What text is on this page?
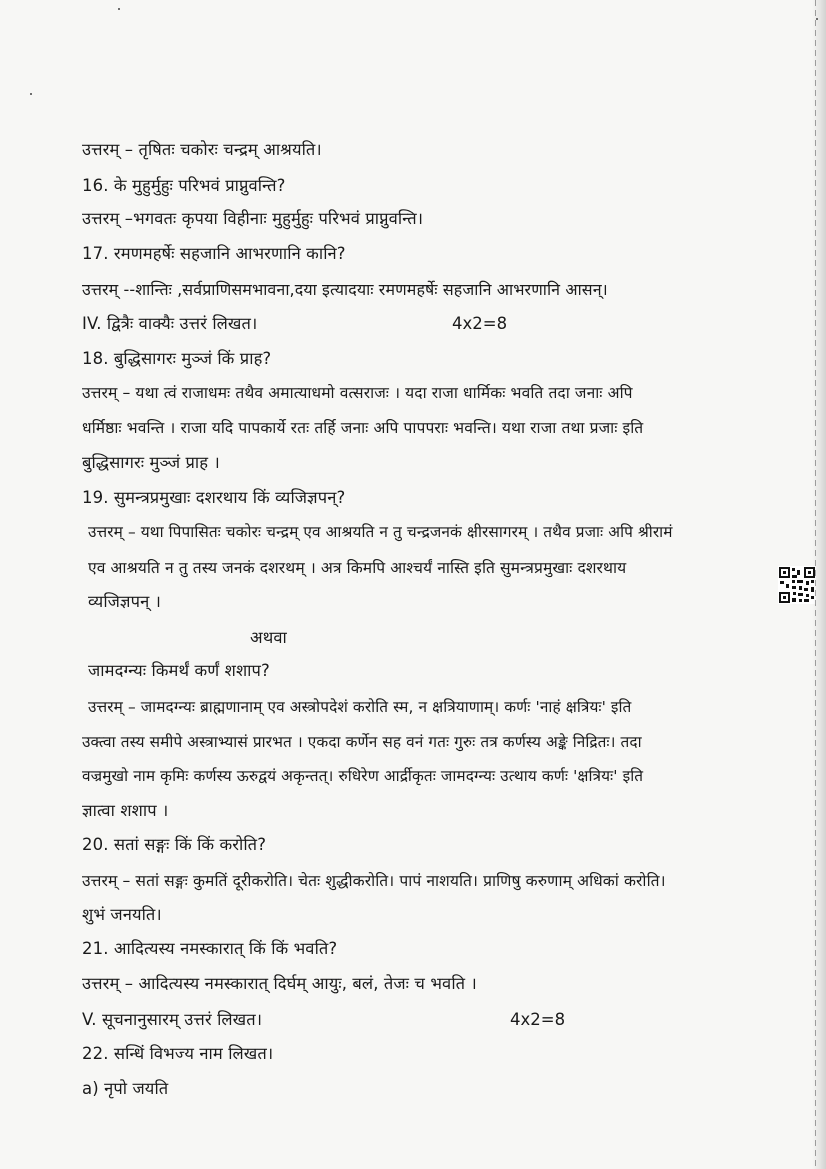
उत्तरम् – तृषितः चकोरः चन्द्रम् आश्रयति।
16. के मुहुर्मुहुः परिभवं प्राप्नुवन्ति?
उत्तरम् –भगवतः कृपया विहीनाः मुहुर्मुहुः परिभवं प्राप्नुवन्ति।
17. रमणमहर्षेः सहजानि आभरणानि कानि?
उत्तरम् --शान्तिः ,सर्वप्राणिसमभावना,दया इत्यादयाः रमणमहर्षेः सहजानि आभरणानि आसन्।
IV. द्वित्रैः वाक्यैः उत्तरं लिखत।	4x2=8
18. बुद्धिसागरः मुञ्जं किं प्राह?
उत्तरम् – यथा त्वं राजाधमः तथैव अमात्याधमो वत्सराजः । यदा राजा धार्मिकः भवति तदा जनाः अपि
धर्मिष्ठाः भवन्ति । राजा यदि पापकार्ये रतः तर्हि जनाः अपि पापपराः भवन्ति। यथा राजा तथा प्रजाः इति
बुद्धिसागरः मुञ्जं प्राह ।
19. सुमन्त्रप्रमुखाः दशरथाय किं व्यजिज्ञपन्?
उत्तरम् – यथा पिपासितः चकोरः चन्द्रम् एव आश्रयति न तु चन्द्रजनकं क्षीरसागरम् । तथैव प्रजाः अपि श्रीरामं
एव आश्रयति न तु तस्य जनकं दशरथम् । अत्र किमपि आश्चर्यं नास्ति इति सुमन्त्रप्रमुखाः दशरथाय
व्यजिज्ञपन् ।
अथवा
जामदग्न्यः किमर्थं कर्णं शशाप?
उत्तरम् – जामदग्न्यः ब्राह्मणानाम् एव अस्त्रोपदेशं करोति स्म, न क्षत्रियाणाम्। कर्णः 'नाहं क्षत्रियः' इति
उक्त्वा तस्य समीपे अस्त्राभ्यासं प्रारभत । एकदा कर्णेन सह वनं गतः गुरुः तत्र कर्णस्य अङ्के निद्रितः। तदा
वज्रमुखो नाम कृमिः कर्णस्य ऊरुद्वयं अकृन्तत्। रुधिरेण आर्द्रीकृतः जामदग्न्यः उत्थाय कर्णः 'क्षत्रियः' इति
ज्ञात्वा शशाप ।
20. सतां सङ्गः किं किं करोति?
उत्तरम् – सतां सङ्गः कुमतिं दूरीकरोति। चेतः शुद्धीकरोति। पापं नाशयति। प्राणिषु करुणाम् अधिकां करोति।
शुभं जनयति।
21. आदित्यस्य नमस्कारात् किं किं भवति?
उत्तरम् – आदित्यस्य नमस्कारात् दिर्घम् आयुः, बलं, तेजः च भवति ।
V. सूचनानुसारम् उत्तरं लिखत।	4x2=8
22. सन्धिं विभज्य नाम लिखत।
a) नृपो जयति
